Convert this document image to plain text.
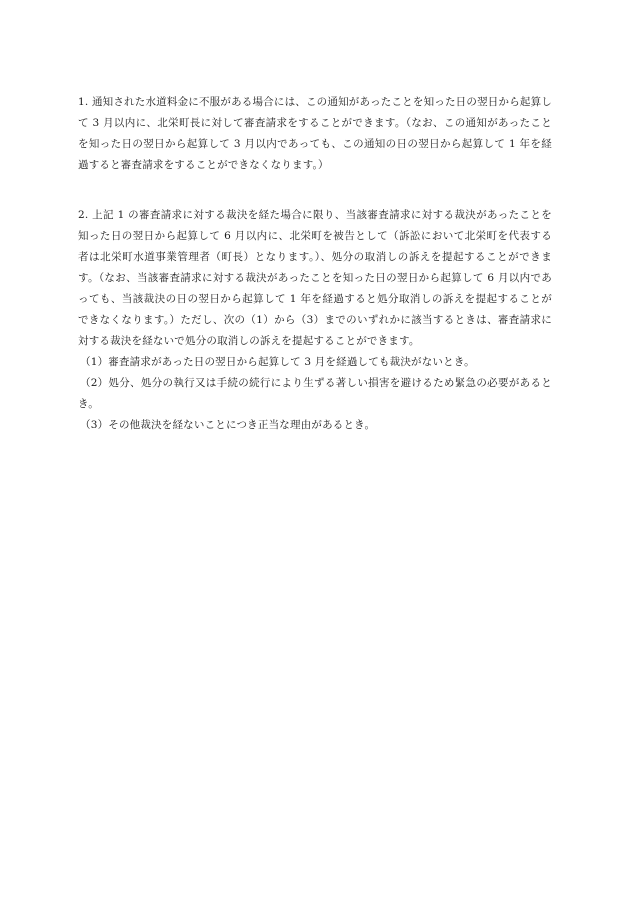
1. 通知された水道料金に不服がある場合には、この通知があったことを知った日の翌日から起算して 3 月以内に、北栄町長に対して審査請求をすることができます。（なお、この通知があったことを知った日の翌日から起算して 3 月以内であっても、この通知の日の翌日から起算して 1 年を経過すると審査請求をすることができなくなります。）

2. 上記 1 の審査請求に対する裁決を経た場合に限り、当該審査請求に対する裁決があったことを知った日の翌日から起算して 6 月以内に、北栄町を被告として（訴訟において北栄町を代表する者は北栄町水道事業管理者（町長）となります。）、処分の取消しの訴えを提起することができます。（なお、当該審査請求に対する裁決があったことを知った日の翌日から起算して 6 月以内であっても、当該裁決の日の翌日から起算して 1 年を経過すると処分取消しの訴えを提起することができなくなります。）ただし、次の（1）から（3）までのいずれかに該当するときは、審査請求に対する裁決を経ないで処分の取消しの訴えを提起することができます。

（1）審査請求があった日の翌日から起算して 3 月を経過しても裁決がないとき。

（2）処分、処分の執行又は手続の続行により生ずる著しい損害を避けるため緊急の必要があるとき。

（3）その他裁決を経ないことにつき正当な理由があるとき。
